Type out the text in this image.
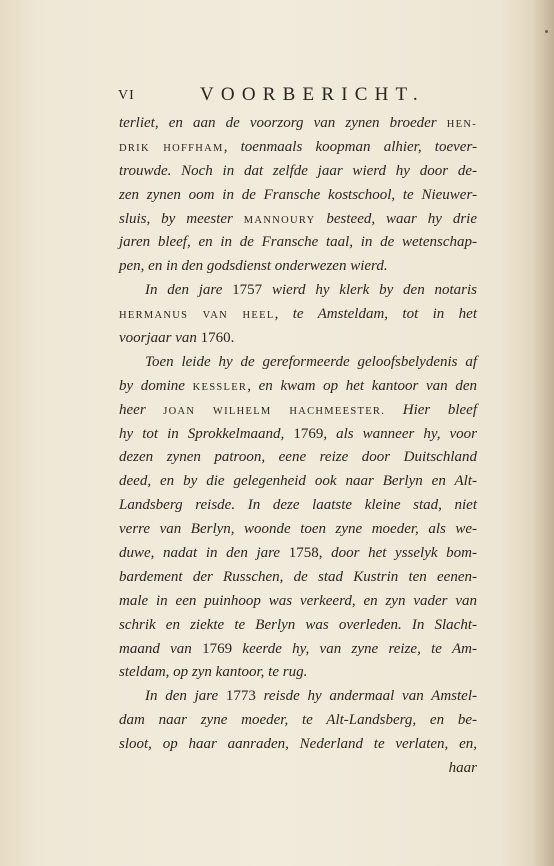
VI	VOORBERICHT.
terliet, en aan de voorzorg van zynen broeder HEN-
DRIK HOFFHAM, toenmaals koopman alhier, toever-
trouwde. Noch in dat zelfde jaar wierd hy door de-
zen zynen oom in de Fransche kostschool, te Nieuwer-
sluis, by meester MANNOURY besteed, waar hy drie
jaren bleef, en in de Fransche taal, in de wetenschap-
pen, en in den godsdienst onderwezen wierd.
In den jare 1757 wierd hy klerk by den notaris
HERMANUS VAN HEEL, te Amsteldam, tot in het
voorjaar van 1760.
Toen leide hy de gereformeerde geloofsbelydenis af
by domine KESSLER, en kwam op het kantoor van den
heer JOAN WILHELM HACHMEESTER. Hier bleef
hy tot in Sprokkelmaand, 1769, als wanneer hy, voor
dezen zynen patroon, eene reize door Duitschland
deed, en by die gelegenheid ook naar Berlyn en Alt-
Landsberg reisde. In deze laatste kleine stad, niet
verre van Berlyn, woonde toen zyne moeder, als we-
duwe, nadat in den jare 1758, door het ysselyk bom-
bardement der Russchen, de stad Kustrin ten eenen-
male in een puinhoop was verkeerd, en zyn vader van
schrik en ziekte te Berlyn was overleden. In Slacht-
maand van 1769 keerde hy, van zyne reize, te Am-
steldam, op zyn kantoor, te rug.
In den jare 1773 reisde hy andermaal van Amstel-
dam naar zyne moeder, te Alt-Landsberg, en be-
sloot, op haar aanraden, Nederland te verlaten, en,
haar
